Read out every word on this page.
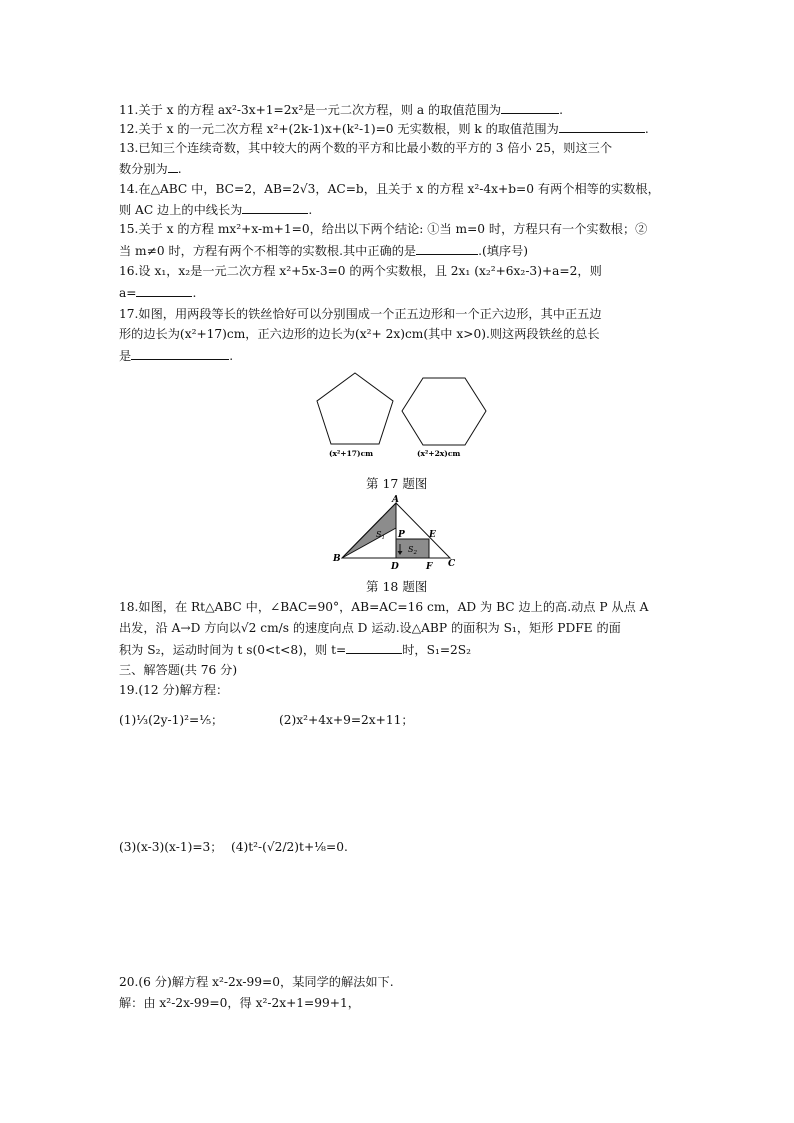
11.关于 x 的方程 ax²-3x+1=2x²是一元二次方程，则 a 的取值范围为	.
12.关于 x 的一元二次方程 x²+(2k-1)x+(k²-1)=0 无实数根，则 k 的取值范围为	.
13.已知三个连续奇数，其中较大的两个数的平方和比最小数的平方的 3 倍小 25，则这三个
数分别为 .
14.在△ABC 中，BC=2，AB=2√3，AC=b，且关于 x 的方程 x²-4x+b=0 有两个相等的实数根，
则 AC 边上的中线长为	.
15.关于 x 的方程 mx²+x-m+1=0，给出以下两个结论: ①当 m=0 时，方程只有一个实数根；②
当 m≠0 时，方程有两个不相等的实数根.其中正确的是	.(填序号)
16.设 x₁，x₂是一元二次方程 x²+5x-3=0 的两个实数根，且 2x₁ (x₂²+6x₂-3)+a=2，则
a=	.
17.如图，用两段等长的铁丝恰好可以分别围成一个正五边形和一个正六边形，其中正五边
形的边长为(x²+17)cm，正六边形的边长为(x²+ 2x)cm(其中 x>0).则这两段铁丝的总长
是	.
(x²+17)cm	(x²+2x)cm
第 17 题图
A
B	C
D	F
P	E
$S_1$
$S_2$
第 18 题图
18.如图，在 Rt△ABC 中，∠BAC=90°，AB=AC=16 cm，AD 为 BC 边上的高.动点 P 从点 A
出发，沿 A→D 方向以√2 cm/s 的速度向点 D 运动.设△ABP 的面积为 S₁，矩形 PDFE 的面
积为 S₂，运动时间为 t s(0<t<8)，则 t=	时，S₁=2S₂
三、解答题(共 76 分)
19.(12 分)解方程：
(1)⅓(2y-1)²=⅕；	(2)x²+4x+9=2x+11；
(3)(x-3)(x-1)=3； (4)t²-(√2/2)t+⅛=0.
20.(6 分)解方程 x²-2x-99=0，某同学的解法如下.
解：由 x²-2x-99=0，得 x²-2x+1=99+1，
